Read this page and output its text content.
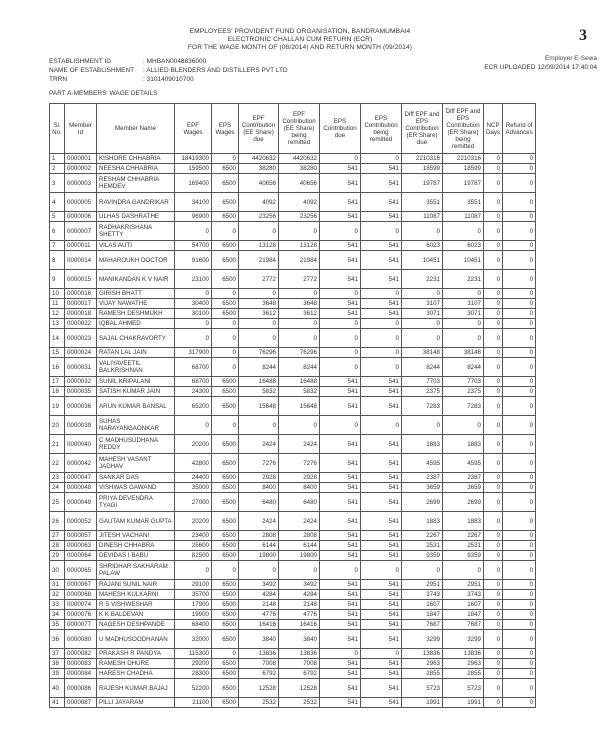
EMPLOYEES' PROVIDENT FUND ORGANISATION, BANDRAMUMBAI4
ELECTRONIC CHALLAN CUM RETURN (ECR)
FOR THE WAGE MONTH OF (08/2014) AND RETURN MONTH (09/2014)
3
Employer E-Sewa
ECR UPLOADED 12/09/2014 17:40:04
ESTABLISHMENT ID	: MHBAN0048836000
NAME OF ESTABLISHMENT	: ALLIED BLENDERS AND DISTILLERS PVT LTD
TRRN	: 3101409010700
PART A-MEMBERS' WAGE DETAILS
Sl. No.	Member Id	Member Name	EPF Wages	EPS Wages	EPF Contribution (EE Share) due	EPF Contribution (EE Share) being remitted	EPS Contribution due	EPS Contribution being remitted	Diff EPF and EPS Contribution (ER Share) due	Diff EPF and EPS Contribution (ER Share) being remitted	NCP Days	Refund of Advances
1	0000001	KISHORE CHHABRIA	18419300	0	4420632	4420632	0	0	2210316	2210316	0	0
2	0000002	NEESHA CHHABRIA	159500	6500	38280	38280	541	541	18599	18599	0	0
3	0000003	RESHAM CHHABRIA HEMDEV	169400	6500	40656	40656	541	541	19787	19787	0	0
4	0000005	RAVINDRA GANDRIKAR	34100	6500	4092	4092	541	541	3551	3551	0	0
5	0000006	ULHAS DASHRATHE	96900	6500	23256	23256	541	541	11087	11087	0	0
6	0000007	RADHAKRISHANA SHETTY	0	0	0	0	0	0	0	0	0	0
7	0000011	VILAS AUTI	54700	6500	13128	13128	541	541	6023	6023	0	0
8	0000014	MAHAROUKH DOCTOR	91600	6500	21984	21984	541	541	10451	10451	0	0
9	0000015	MANIKANDAN K V NAIR	23100	6500	2772	2772	541	541	2231	2231	0	0
10	0000016	GIRISH BHATT	0	0	0	0	0	0	0	0	0	0
11	0000017	VIJAY NAWATHE	30400	6500	3648	3648	541	541	3107	3107	0	0
12	0000018	RAMESH DESHMUKH	30100	6500	3612	3612	541	541	3071	3071	0	0
13	0000022	IQBAL AHMED	0	0	0	0	0	0	0	0	0	0
14	0000023	SAJAL CHAKRAVORTY	0	0	0	0	0	0	0	0	0	0
15	0000024	RATAN LAL JAIN	317900	0	76296	76296	0	0	38148	38148	0	0
16	0000031	VALIYAVEETIL BALKRISHNAN	68700	0	8244	8244	0	0	8244	8244	0	0
17	0000032	SUNIL KRIPALANI	68700	6500	16488	16488	541	541	7703	7703	0	0
18	0000035	SATISH KUMAR JAIN	24300	6500	5832	5832	541	541	2375	2375	0	0
19	0000036	ARUN KUMAR BANSAL	65200	6500	15648	15648	541	541	7283	7283	0	0
20	0000039	SUHAS NARAYANGAONKAR	0	0	0	0	0	0	0	0	0	0
21	0000040	C MADHUSUDHANA REDDY	20200	6500	2424	2424	541	541	1883	1883	0	0
22	0000042	MAHESH VASANT JADHAV	42800	6500	7276	7276	541	541	4595	4595	0	0
23	0000047	SANKAR DAS	24400	6500	2928	2928	541	541	2387	2387	0	0
24	0000048	VISHWAS GAWAND	35000	6500	8400	8400	541	541	3659	3659	0	0
25	0000049	PRIYA DEVENDRA TYAGI	27000	6500	6480	6480	541	541	2699	2699	0	0
26	0000052	GAUTAM KUMAR GUPTA	20200	6500	2424	2424	541	541	1883	1883	0	0
27	0000057	JITESH VACHANI	23400	6500	2808	2808	541	541	2267	2267	0	0
28	0000063	DINESH CHHABRA	25600	6500	6144	6144	541	541	2531	2531	0	0
29	0000064	DEVIDAS I BABU	82500	6500	19800	19800	541	541	9359	9359	0	0
30	0000065	SHRIDHAR SAKHARAM PALAW	0	0	0	0	0	0	0	0	0	0
31	0000067	RAJANI SUNIL NAIR	29100	6500	3492	3492	541	541	2951	2951	0	0
32	0000068	MAHESH KULKARNI	35700	6500	4284	4284	541	541	3743	3743	0	0
33	0000074	R S VISHWESHAR	17900	6500	2148	2148	541	541	1607	1607	0	0
34	0000076	K K BALDEVAN	19900	6500	4776	4776	541	541	1847	1847	0	0
35	0000077	NAGESH DESHPANDE	68400	6500	16416	16416	541	541	7687	7687	0	0
36	0000080	U MADHUSOODHANAN	32000	6500	3840	3840	541	541	3299	3299	0	0
37	0000082	PRAKASH R PANDYA	115300	0	13836	13836	0	0	13836	13836	0	0
38	0000083	RAMESH DHURE	29200	6500	7008	7008	541	541	2963	2963	0	0
39	0000084	HARESH CHADHA	28300	6500	6792	6792	541	541	2855	2855	0	0
40	0000086	RAJESH KUMAR BAJAJ	52200	6500	12528	12528	541	541	5723	5723	0	0
41	0000087	PILLI JAYARAM	21100	6500	2532	2532	541	541	1991	1991	0	0
